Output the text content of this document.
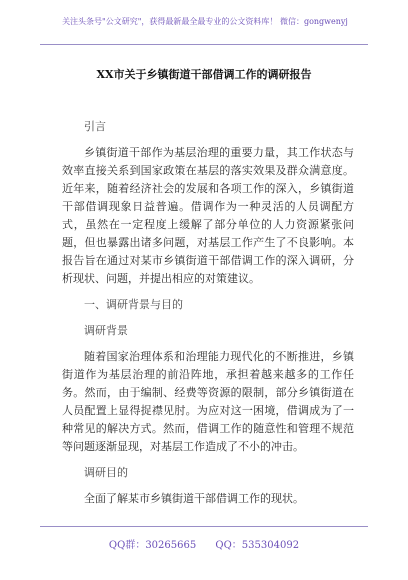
关注头条号"公文研究"，获得最新最全最专业的公文资料库！ 微信：gongwenyj
XX市关于乡镇街道干部借调工作的调研报告
引言

乡镇街道干部作为基层治理的重要力量，其工作状态与效率直接关系到国家政策在基层的落实效果及群众满意度。近年来，随着经济社会的发展和各项工作的深入，乡镇街道干部借调现象日益普遍。借调作为一种灵活的人员调配方式，虽然在一定程度上缓解了部分单位的人力资源紧张问题，但也暴露出诸多问题，对基层工作产生了不良影响。本报告旨在通过对某市乡镇街道干部借调工作的深入调研，分析现状、问题，并提出相应的对策建议。

一、调研背景与目的
调研背景

随着国家治理体系和治理能力现代化的不断推进，乡镇街道作为基层治理的前沿阵地，承担着越来越多的工作任务。然而，由于编制、经费等资源的限制，部分乡镇街道在人员配置上显得捉襟见肘。为应对这一困境，借调成为了一种常见的解决方式。然而，借调工作的随意性和管理不规范等问题逐渐显现，对基层工作造成了不小的冲击。

调研目的

全面了解某市乡镇街道干部借调工作的现状。

QQ群：30265665 QQ：535304092
